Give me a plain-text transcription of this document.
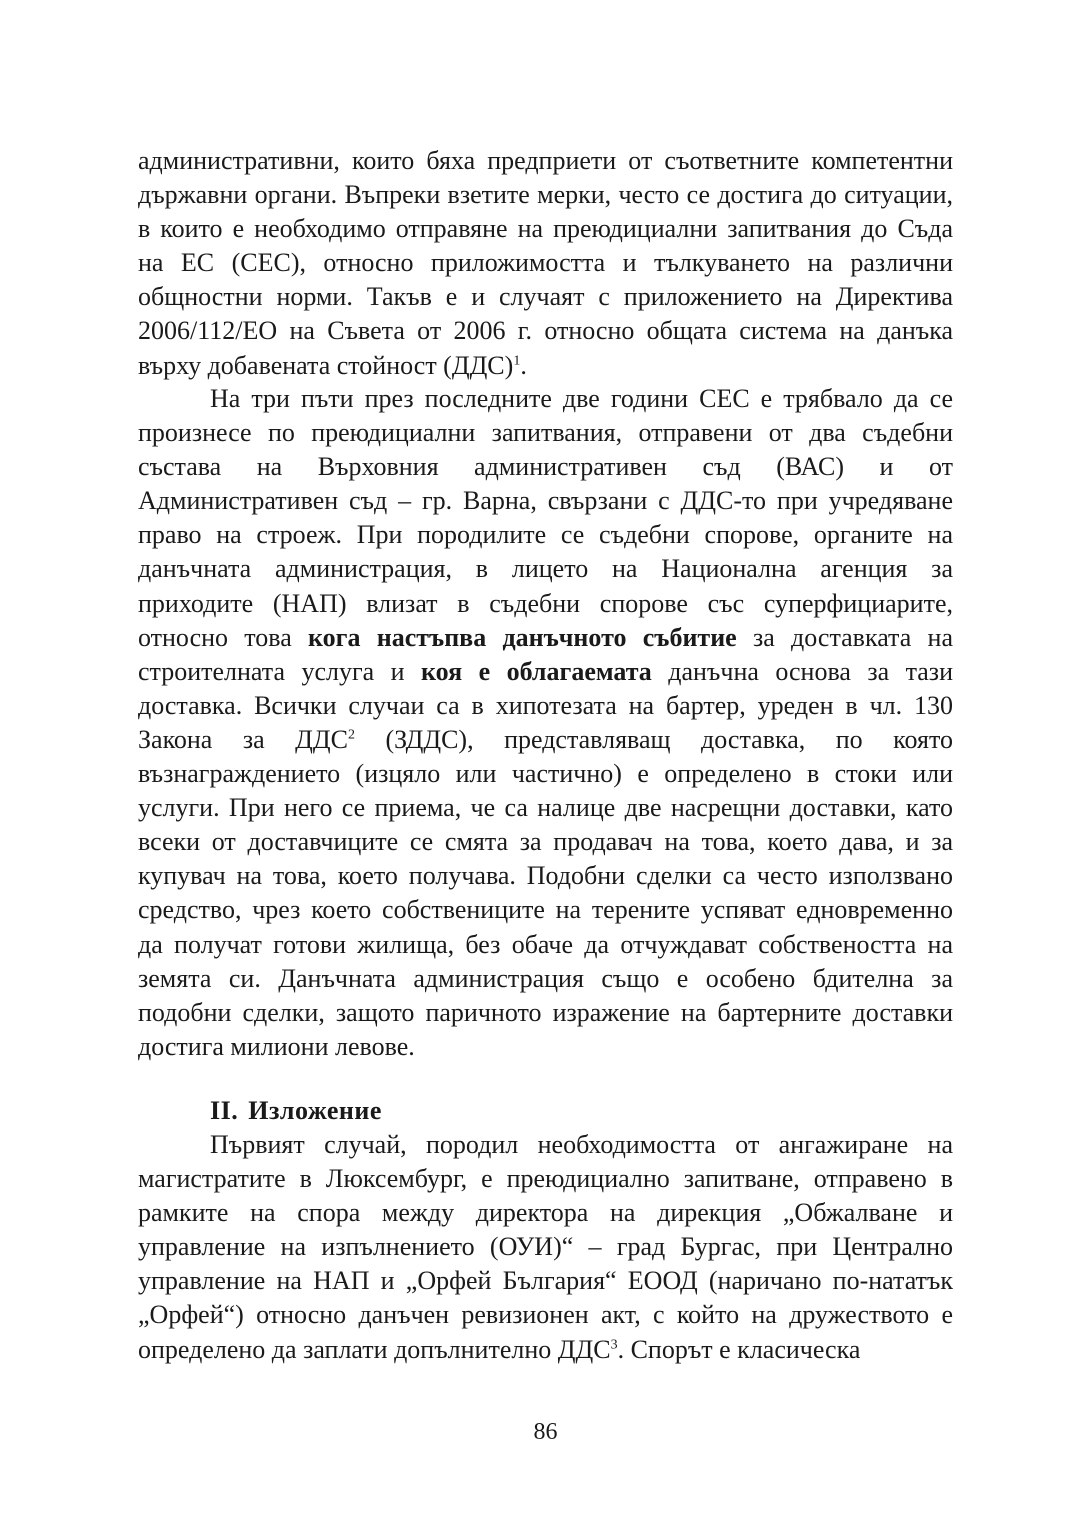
административни, които бяха предприети от съответните компетентни държавни органи. Въпреки взетите мерки, често се достига до ситуации, в които е необходимо отправяне на преюдициални запитвания до Съда на ЕС (СЕС), относно приложимостта и тълкуването на различни общностни норми. Такъв е и случаят с приложението на Директива 2006/112/ЕО на Съвета от 2006 г. относно общата система на данъка върху добавената стойност (ДДС)$^1$.

На три пъти през последните две години СЕС е трябвало да се произнесе по преюдициални запитвания, отправени от два съдебни състава на Върховния административен съд (ВАС) и от Административен съд – гр. Варна, свързани с ДДС-то при учредяване право на строеж. При породилите се съдебни спорове, органите на данъчната администрация, в лицето на Национална агенция за приходите (НАП) влизат в съдебни спорове със суперфициарите, относно това кога настъпва данъчното събитие за доставката на строителната услуга и коя е облагаемата данъчна основа за тази доставка. Всички случаи са в хипотезата на бартер, уреден в чл. 130 Закона за ДДС$^2$ (ЗДДС), представляващ доставка, по която възнаграждението (изцяло или частично) е определено в стоки или услуги. При него се приема, че са налице две насрещни доставки, като всеки от доставчиците се смята за продавач на това, което дава, и за купувач на това, което получава. Подобни сделки са често използвано средство, чрез което собствениците на терените успяват едновременно да получат готови жилища, без обаче да отчуждават собствеността на земята си. Данъчната администрация също е особено бдителна за подобни сделки, защото паричното изражение на бартерните доставки достига милиони левове.

II. Изложение

Първият случай, породил необходимостта от ангажиране на магистратите в Люксембург, е преюдициално запитване, отправено в рамките на спора между директора на дирекция „Обжалване и управление на изпълнението (ОУИ)“ – град Бургас, при Централно управление на НАП и „Орфей България“ ЕООД (наричано по-нататък „Орфей“) относно данъчен ревизионен акт, с който на дружеството е определено да заплати допълнително ДДС$^3$. Спорът е класическа

86
